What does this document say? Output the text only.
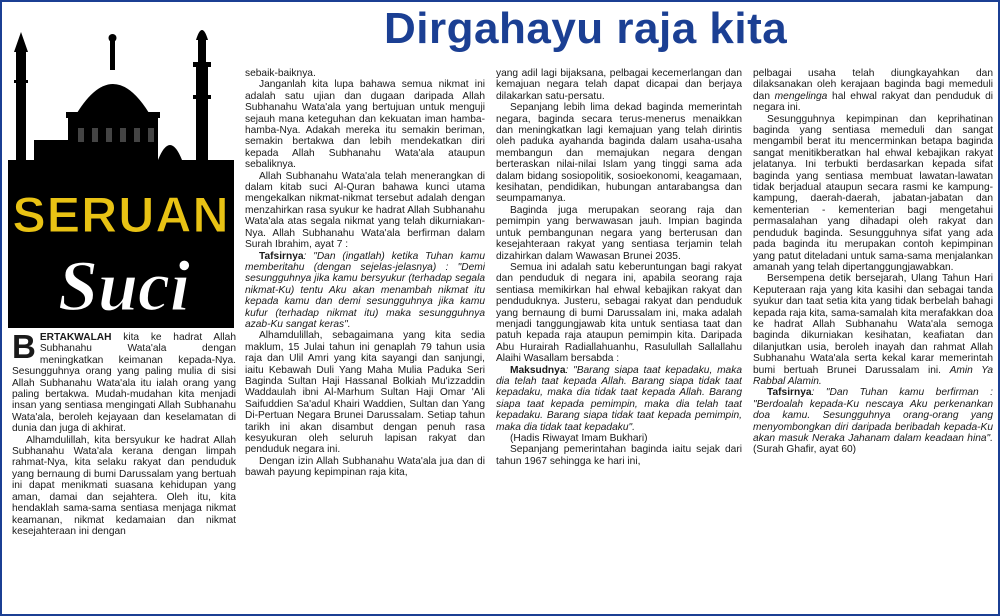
Dirgahayu raja kita
SERUAN
Suci

BERTAKWALAH kita ke hadrat Allah Subhanahu Wata'ala dengan meningkatkan keimanan kepada-Nya. Sesungguhnya orang yang paling mulia di sisi Allah Subhanahu Wata'ala itu ialah orang yang paling bertakwa. Mudah-mudahan kita menjadi insan yang sentiasa mengingati Allah Subhanahu Wata'ala, beroleh kejayaan dan keselamatan di dunia dan juga di akhirat.

Alhamdulillah, kita bersyukur ke hadrat Allah Subhanahu Wata'ala kerana dengan limpah rahmat-Nya, kita selaku rakyat dan penduduk yang bernaung di bumi Darussalam yang bertuah ini dapat menikmati suasana kehidupan yang aman, damai dan sejahtera. Oleh itu, kita hendaklah sama-sama sentiasa menjaga nikmat keamanan, nikmat kedamaian dan nikmat kesejahteraan ini dengan

sebaik-baiknya.

Janganlah kita lupa bahawa semua nikmat ini adalah satu ujian dan dugaan daripada Allah Subhanahu Wata'ala yang bertujuan untuk menguji sejauh mana keteguhan dan kekuatan iman hamba-hamba-Nya. Adakah mereka itu semakin beriman, semakin bertakwa dan lebih mendekatkan diri kepada Allah Subhanahu Wata'ala ataupun sebaliknya.

Allah Subhanahu Wata'ala telah menerangkan di dalam kitab suci Al-Quran bahawa kunci utama mengekalkan nikmat-nikmat tersebut adalah dengan menzahirkan rasa syukur ke hadrat Allah Subhanahu Wata'ala atas segala nikmat yang telah dikurniakan-Nya. Allah Subhanahu Wata'ala berfirman dalam Surah Ibrahim, ayat 7 :

Tafsirnya: "Dan (ingatlah) ketika Tuhan kamu memberitahu (dengan sejelas-jelasnya) : "Demi sesungguhnya jika kamu bersyukur (terhadap segala nikmat-Ku) tentu Aku akan menambah nikmat itu kepada kamu dan demi sesungguhnya jika kamu kufur (terhadap nikmat itu) maka sesungguhnya azab-Ku sangat keras".

Alhamdulillah, sebagaimana yang kita sedia maklum, 15 Julai tahun ini genaplah 79 tahun usia raja dan Ulil Amri yang kita sayangi dan sanjungi, iaitu Kebawah Duli Yang Maha Mulia Paduka Seri Baginda Sultan Haji Hassanal Bolkiah Mu'izzaddin Waddaulah ibni Al-Marhum Sultan Haji Omar 'Ali Saifuddien Sa'adul Khairi Waddien, Sultan dan Yang Di-Pertuan Negara Brunei Darussalam. Setiap tahun tarikh ini akan disambut dengan penuh rasa kesyukuran oleh seluruh lapisan rakyat dan penduduk negara ini.

Dengan izin Allah Subhanahu Wata'ala jua dan di bawah payung kepimpinan raja kita,

yang adil lagi bijaksana, pelbagai kecemerlangan dan kemajuan negara telah dapat dicapai dan berjaya dilakarkan satu-persatu.

Sepanjang lebih lima dekad baginda memerintah negara, baginda secara terus-menerus menaikkan dan meningkatkan lagi kemajuan yang telah dirintis oleh paduka ayahanda baginda dalam usaha-usaha membangun dan memajukan negara dengan berteraskan nilai-nilai Islam yang tinggi sama ada dalam bidang sosiopolitik, sosioekonomi, keagamaan, kesihatan, pendidikan, hubungan antarabangsa dan seumpamanya.

Baginda juga merupakan seorang raja dan pemimpin yang berwawasan jauh. Impian baginda untuk pembangunan negara yang berterusan dan kesejahteraan rakyat yang sentiasa terjamin telah dizahirkan dalam Wawasan Brunei 2035.

Semua ini adalah satu keberuntungan bagi rakyat dan penduduk di negara ini, apabila seorang raja sentiasa memikirkan hal ehwal kebajikan rakyat dan penduduknya. Justeru, sebagai rakyat dan penduduk yang bernaung di bumi Darussalam ini, maka adalah menjadi tanggungjawab kita untuk sentiasa taat dan patuh kepada raja ataupun pemimpin kita. Daripada Abu Hurairah Radiallahuanhu, Rasulullah Sallallahu Alaihi Wasallam bersabda :

Maksudnya: "Barang siapa taat kepadaku, maka dia telah taat kepada Allah. Barang siapa tidak taat kepadaku, maka dia tidak taat kepada Allah. Barang siapa taat kepada pemimpin, maka dia telah taat kepadaku. Barang siapa tidak taat kepada pemimpin, maka dia tidak taat kepadaku".

(Hadis Riwayat Imam Bukhari)

Sepanjang pemerintahan baginda iaitu sejak dari tahun 1967 sehingga ke hari ini,

pelbagai usaha telah diungkayahkan dan dilaksanakan oleh kerajaan baginda bagi memeduli dan mengelinga hal ehwal rakyat dan penduduk di negara ini.

Sesungguhnya kepimpinan dan keprihatinan baginda yang sentiasa memeduli dan sangat mengambil berat itu mencerminkan betapa baginda sangat menitikberatkan hal ehwal kebajikan rakyat jelatanya. Ini terbukti berdasarkan kepada sifat baginda yang sentiasa membuat lawatan-lawatan tidak berjadual ataupun secara rasmi ke kampung-kampung, daerah-daerah, jabatan-jabatan dan kementerian - kementerian bagi mengetahui permasalahan yang dihadapi oleh rakyat dan penduduk baginda. Sesungguhnya sifat yang ada pada baginda itu merupakan contoh kepimpinan yang patut diteladani untuk sama-sama menjalankan amanah yang telah dipertanggungjawabkan.

Bersempena detik bersejarah, Ulang Tahun Hari Keputeraan raja yang kita kasihi dan sebagai tanda syukur dan taat setia kita yang tidak berbelah bahagi kepada raja kita, sama-samalah kita merafakkan doa ke hadrat Allah Subhanahu Wata'ala semoga baginda dikurniakan kesihatan, keafiatan dan dilanjutkan usia, beroleh inayah dan rahmat Allah Subhanahu Wata'ala serta kekal karar memerintah bumi bertuah Brunei Darussalam ini. Amin Ya Rabbal Alamin.

Tafsirnya: "Dan Tuhan kamu berfirman : "Berdoalah kepada-Ku nescaya Aku perkenankan doa kamu. Sesungguhnya orang-orang yang menyombongkan diri daripada beribadah kepada-Ku akan masuk Neraka Jahanam dalam keadaan hina". (Surah Ghafir, ayat 60)
